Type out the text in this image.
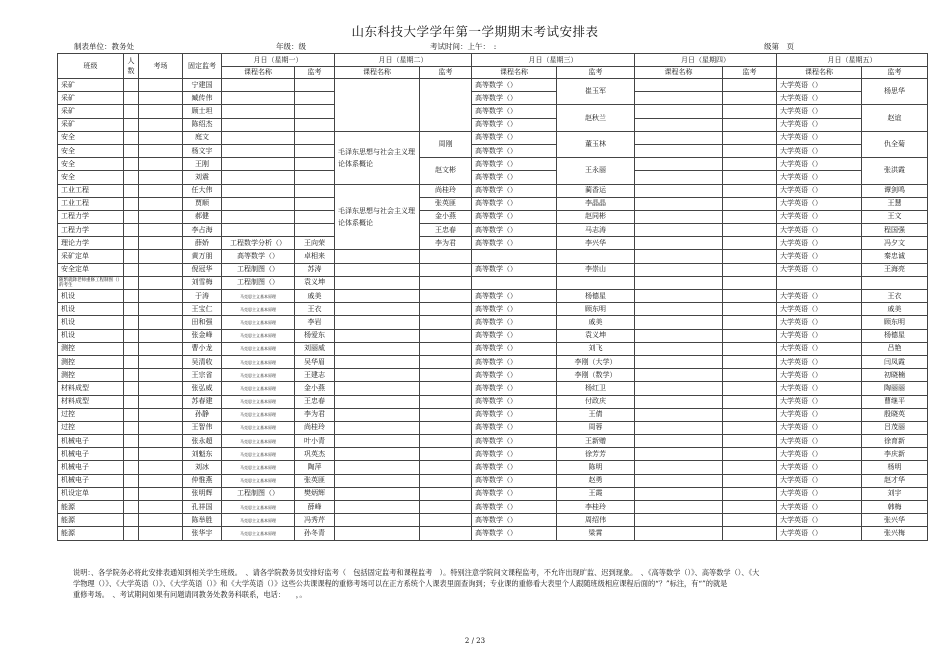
山东科技大学学年第一学期期末考试安排表
制表单位：教务处	年级：级	考试时间：上午：　:	级第　页
班级	人数	考场	固定监考	月日（星期一）		月日（星期二）		月日（星期三）		月日（星期四）		月日（星期五）	
				课程名称	监考	课程名称	监考	课程名称	监考	课程名称	监考	课程名称	监考
采矿			宁建国					高等数学（）	崔玉军			大学英语（）	杨思华
采矿			臧传伟					高等数学（）				大学英语（）	
采矿			顾士坦					高等数学（）	赵秋兰			大学英语（）	赵谊
采矿			陈绍杰					高等数学（）				大学英语（）	
安全			庭文			毛泽东思想与社会主义理论体系概论	周刚	高等数学（）	董玉林			大学英语（）	仇全菊
安全			杨文宇					高等数学（）				大学英语（）	
安全			王刚				赵文彬	高等数学（）	王永丽			大学英语（）	张洪霞
安全			刘震					高等数学（）				大学英语（）	
工业工程			任大伟			毛泽东思想与社会主义理论体系概论	尚桂玲	高等数学（）	蔺香运			大学英语（）	谭剑鸣
工业工程			贾顺				张英匪	高等数学（）	李晶晶			大学英语（）	王慧
工程力学			郝健				金小燕	高等数学（）	赵同彬			大学英语（）	王文
工程力学			李占海				王忠春	高等数学（）	马志涛			大学英语（）	程国强
理论力学			薛娇	工程数学分析（）	王向荣		李为君	高等数学（）	李兴华			大学英语（）	冯夕文
采矿定单			黄万朋	高等数学（）	卓相来							大学英语（）	秦忠诚
安全定单			倪冠华	工程制图（）	苏涛			高等数学（）	李崇山			大学英语（）	王海亮
随繁就降老师重修工程制图（）的考生			刘雪梅	工程制图（）	袁义坤								
机设			于涛	马克思主义基本原理	戚美			高等数学（）	杨德星			大学英语（）	王衣
机设			王宝仁	马克思主义基本原理	王衣			高等数学（）	顾东明			大学英语（）	戚美
机设			田和强	马克思主义基本原理	李岩			高等数学（）	戚美			大学英语（）	顾东明
机设			张金峰	马克思主义基本原理	杨爱东			高等数学（）	袁义坤			大学英语（）	杨德星
测控			曹小龙	马克思主义基本原理	刘丽威			高等数学（）	刘飞			大学英语（）	吕艳
测控			吴清收	马克思主义基本原理	吴华眉			高等数学（）	李刚（大学）			大学英语（）	闫凤霞
测控			王宗省	马克思主义基本原理	王建志			高等数学（）	李刚（数学）			大学英语（）	初晓楠
材料成型			张弘威	马克思主义基本原理	金小燕			高等数学（）	杨红卫			大学英语（）	陶丽丽
材料成型			苏春建	马克思主义基本原理	王忠春			高等数学（）	付政庆			大学英语（）	曹继平
过控			孙静	马克思主义基本原理	李为君			高等数学（）	王倩			大学英语（）	殷晓英
过控			王智伟	马克思主义基本原理	尚桂玲			高等数学（）	周蓉			大学英语（）	吕茂丽
机械电子			张永超	马克思主义基本原理	叶小青			高等数学（）	王新赠			大学英语（）	徐育新
机械电子			刘魁东	马克思主义基本原理	巩英杰			高等数学（）	徐芳芳			大学英语（）	李庆新
机械电子			刘冰	马克思主义基本原理	陶萍			高等数学（）	陈明			大学英语（）	杨明
机械电子			仲惟燕	马克思主义基本原理	张英匪			高等数学（）	赵勇			大学英语（）	赵才华
机设定单			张明辉	工程制图（）	樊炳辉			高等数学（）	王霞			大学英语（）	刘宇
能源			孔祥国	马克思主义基本原理	薛峰			高等数学（）	李桂玲			大学英语（）	韩梅
能源			陈举胜	马克思主义基本原理	冯秀芹			高等数学（）	周绍伟			大学英语（）	张兴华
能源			张华宇	马克思主义基本原理	孙冬青			高等数学（）	梁霄			大学英语（）	张兴梅
说明：、各学院务必将此安排表通知到相关学生班级。　、请各学院教务员安排好监考（　包括固定监考和课程监考　）。特别注意学院间文课程监考，不允许出现旷监、迟到现象。　、《高等数学（）》、高等数学（）、《大
学物理（）》、《大学英语（）》、《大学英语（）》和《大学英语（）》这些公共课课程的重修考场可以在正方系统个人课表里面查询到；专业课的重修看大表里个人跟随班级相应课程后面的“？”标注，有“”的就是
重修考场。　、考试期间如果有问题请同教务处教务科联系，电话：　　，。
2 / 23
